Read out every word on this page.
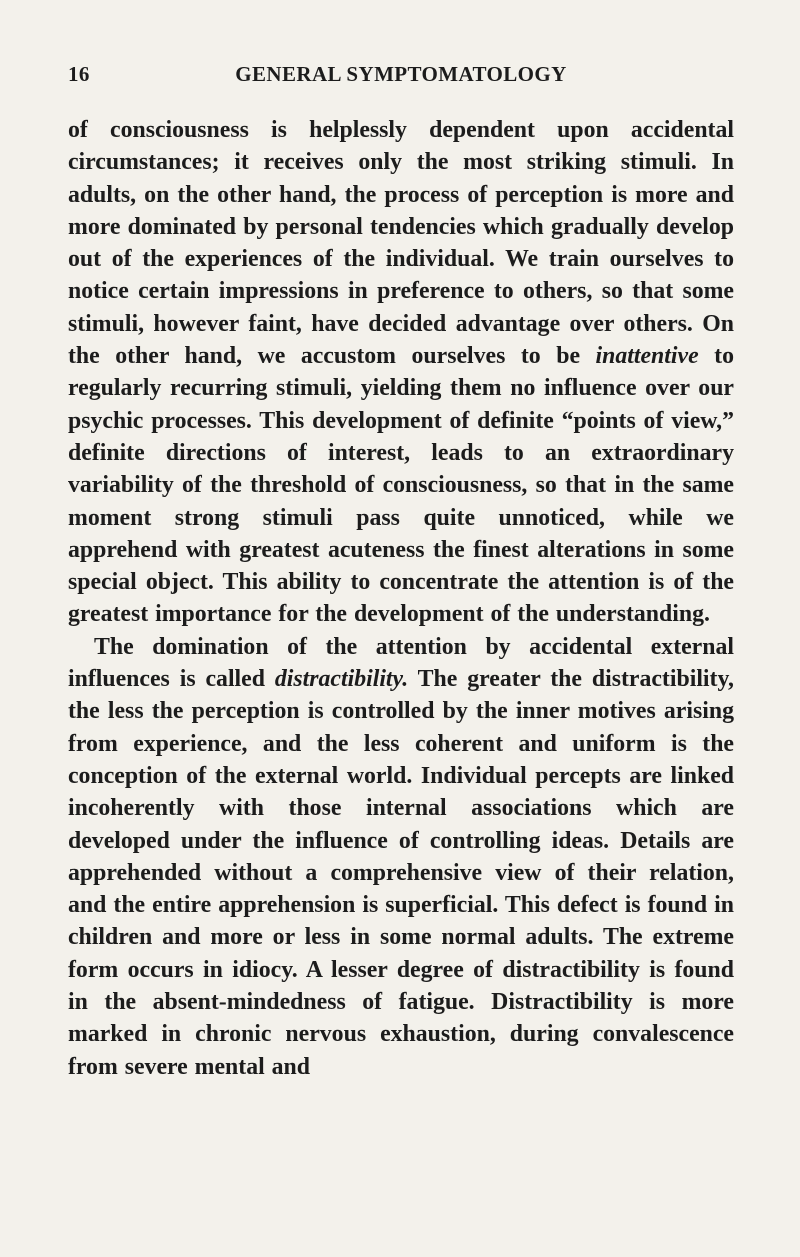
16	GENERAL SYMPTOMATOLOGY

of consciousness is helplessly dependent upon accidental circumstances; it receives only the most striking stimuli. In adults, on the other hand, the process of perception is more and more dominated by personal tendencies which gradually develop out of the experiences of the individual. We train ourselves to notice certain impressions in preference to others, so that some stimuli, however faint, have decided advantage over others. On the other hand, we accustom ourselves to be inattentive to regularly recurring stimuli, yielding them no influence over our psychic processes. This development of definite “points of view,” definite directions of interest, leads to an extraordinary variability of the threshold of consciousness, so that in the same moment strong stimuli pass quite unnoticed, while we apprehend with greatest acuteness the finest alterations in some special object. This ability to concentrate the attention is of the greatest importance for the development of the understanding.

The domination of the attention by accidental external influences is called distractibility. The greater the distractibility, the less the perception is controlled by the inner motives arising from experience, and the less coherent and uniform is the conception of the external world. Individual percepts are linked incoherently with those internal associations which are developed under the influence of controlling ideas. Details are apprehended without a comprehensive view of their relation, and the entire apprehension is superficial. This defect is found in children and more or less in some normal adults. The extreme form occurs in idiocy. A lesser degree of distractibility is found in the absent-mindedness of fatigue. Distractibility is more marked in chronic nervous exhaustion, during convalescence from severe mental and
